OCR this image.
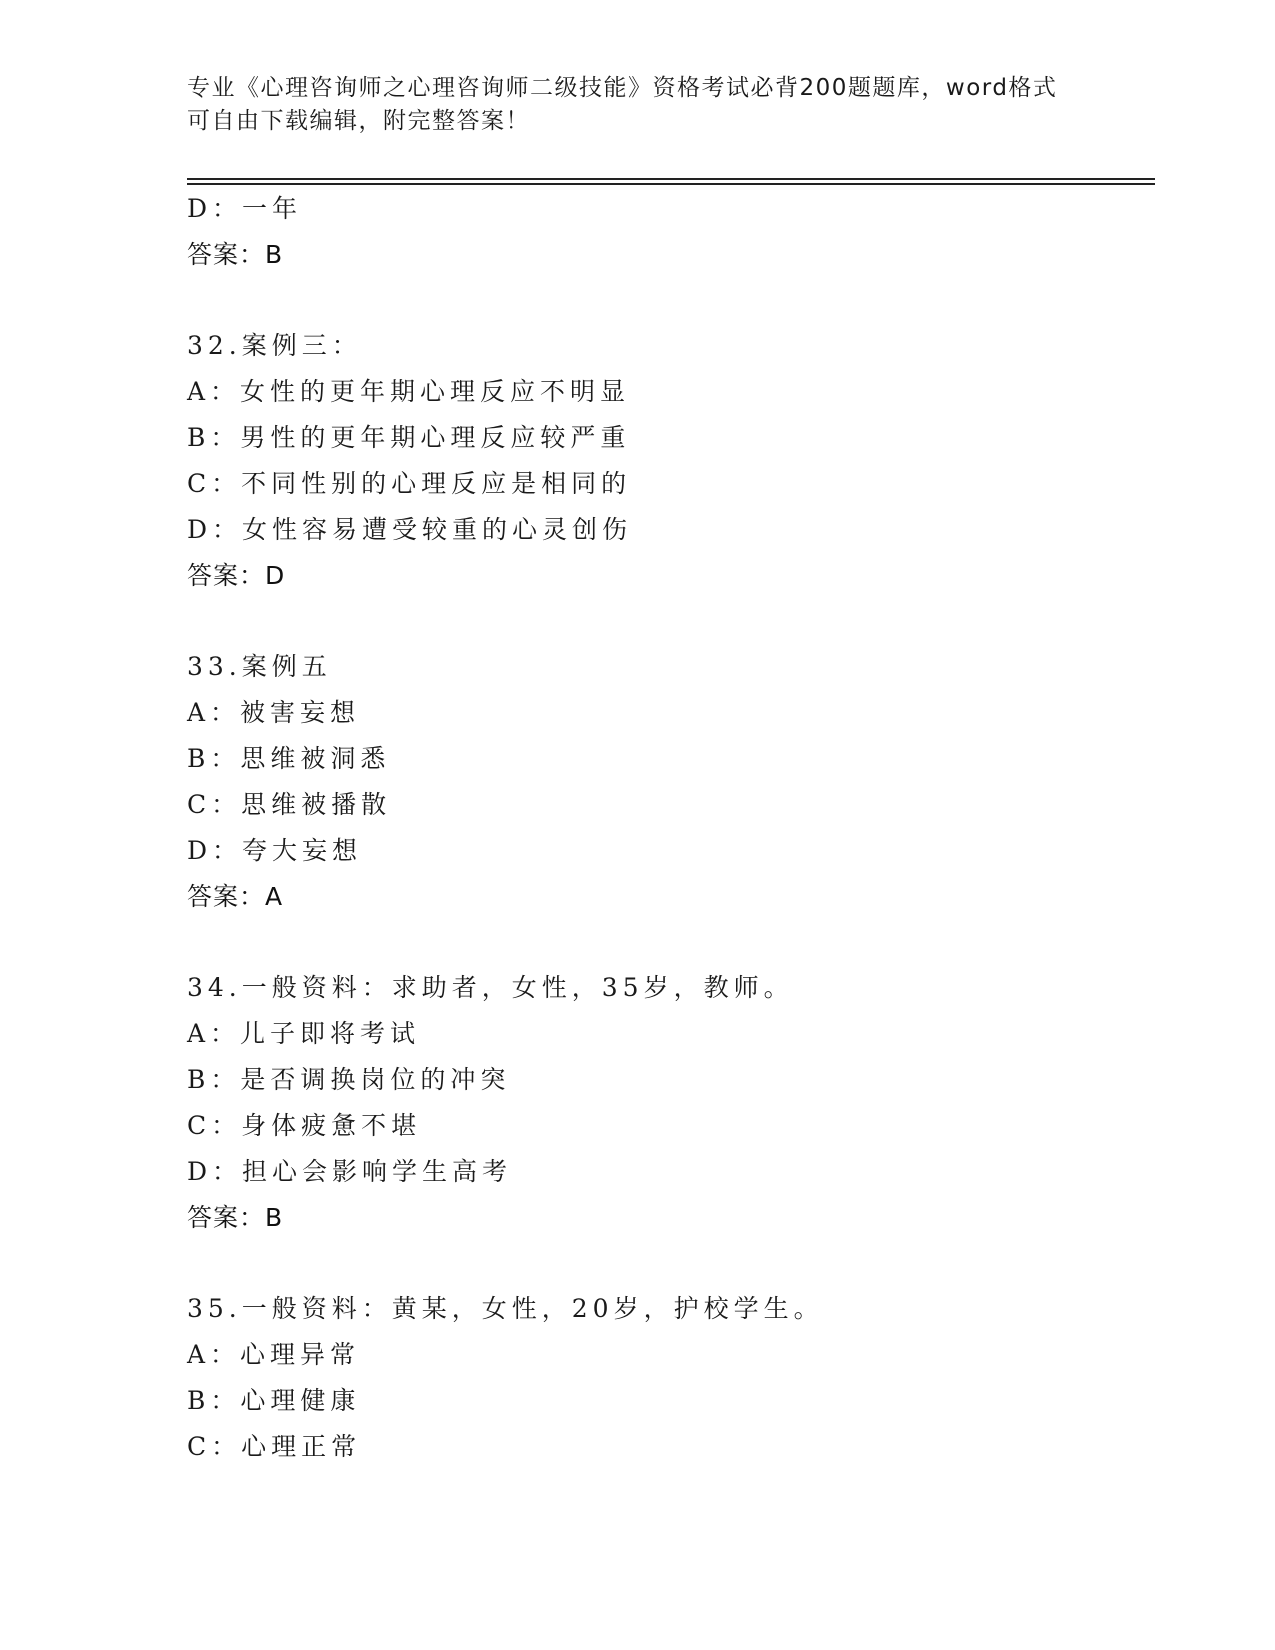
专业《心理咨询师之心理咨询师二级技能》资格考试必背200题题库，word格式
可自由下载编辑，附完整答案！
D：一年
答案：B
32.案例三：
A：女性的更年期心理反应不明显
B：男性的更年期心理反应较严重
C：不同性别的心理反应是相同的
D：女性容易遭受较重的心灵创伤
答案：D
33.案例五
A：被害妄想
B：思维被洞悉
C：思维被播散
D：夸大妄想
答案：A
34.一般资料：求助者，女性，35岁，教师。
A：儿子即将考试
B：是否调换岗位的冲突
C：身体疲惫不堪
D：担心会影响学生高考
答案：B
35.一般资料：黄某，女性，20岁，护校学生。
A：心理异常
B：心理健康
C：心理正常
